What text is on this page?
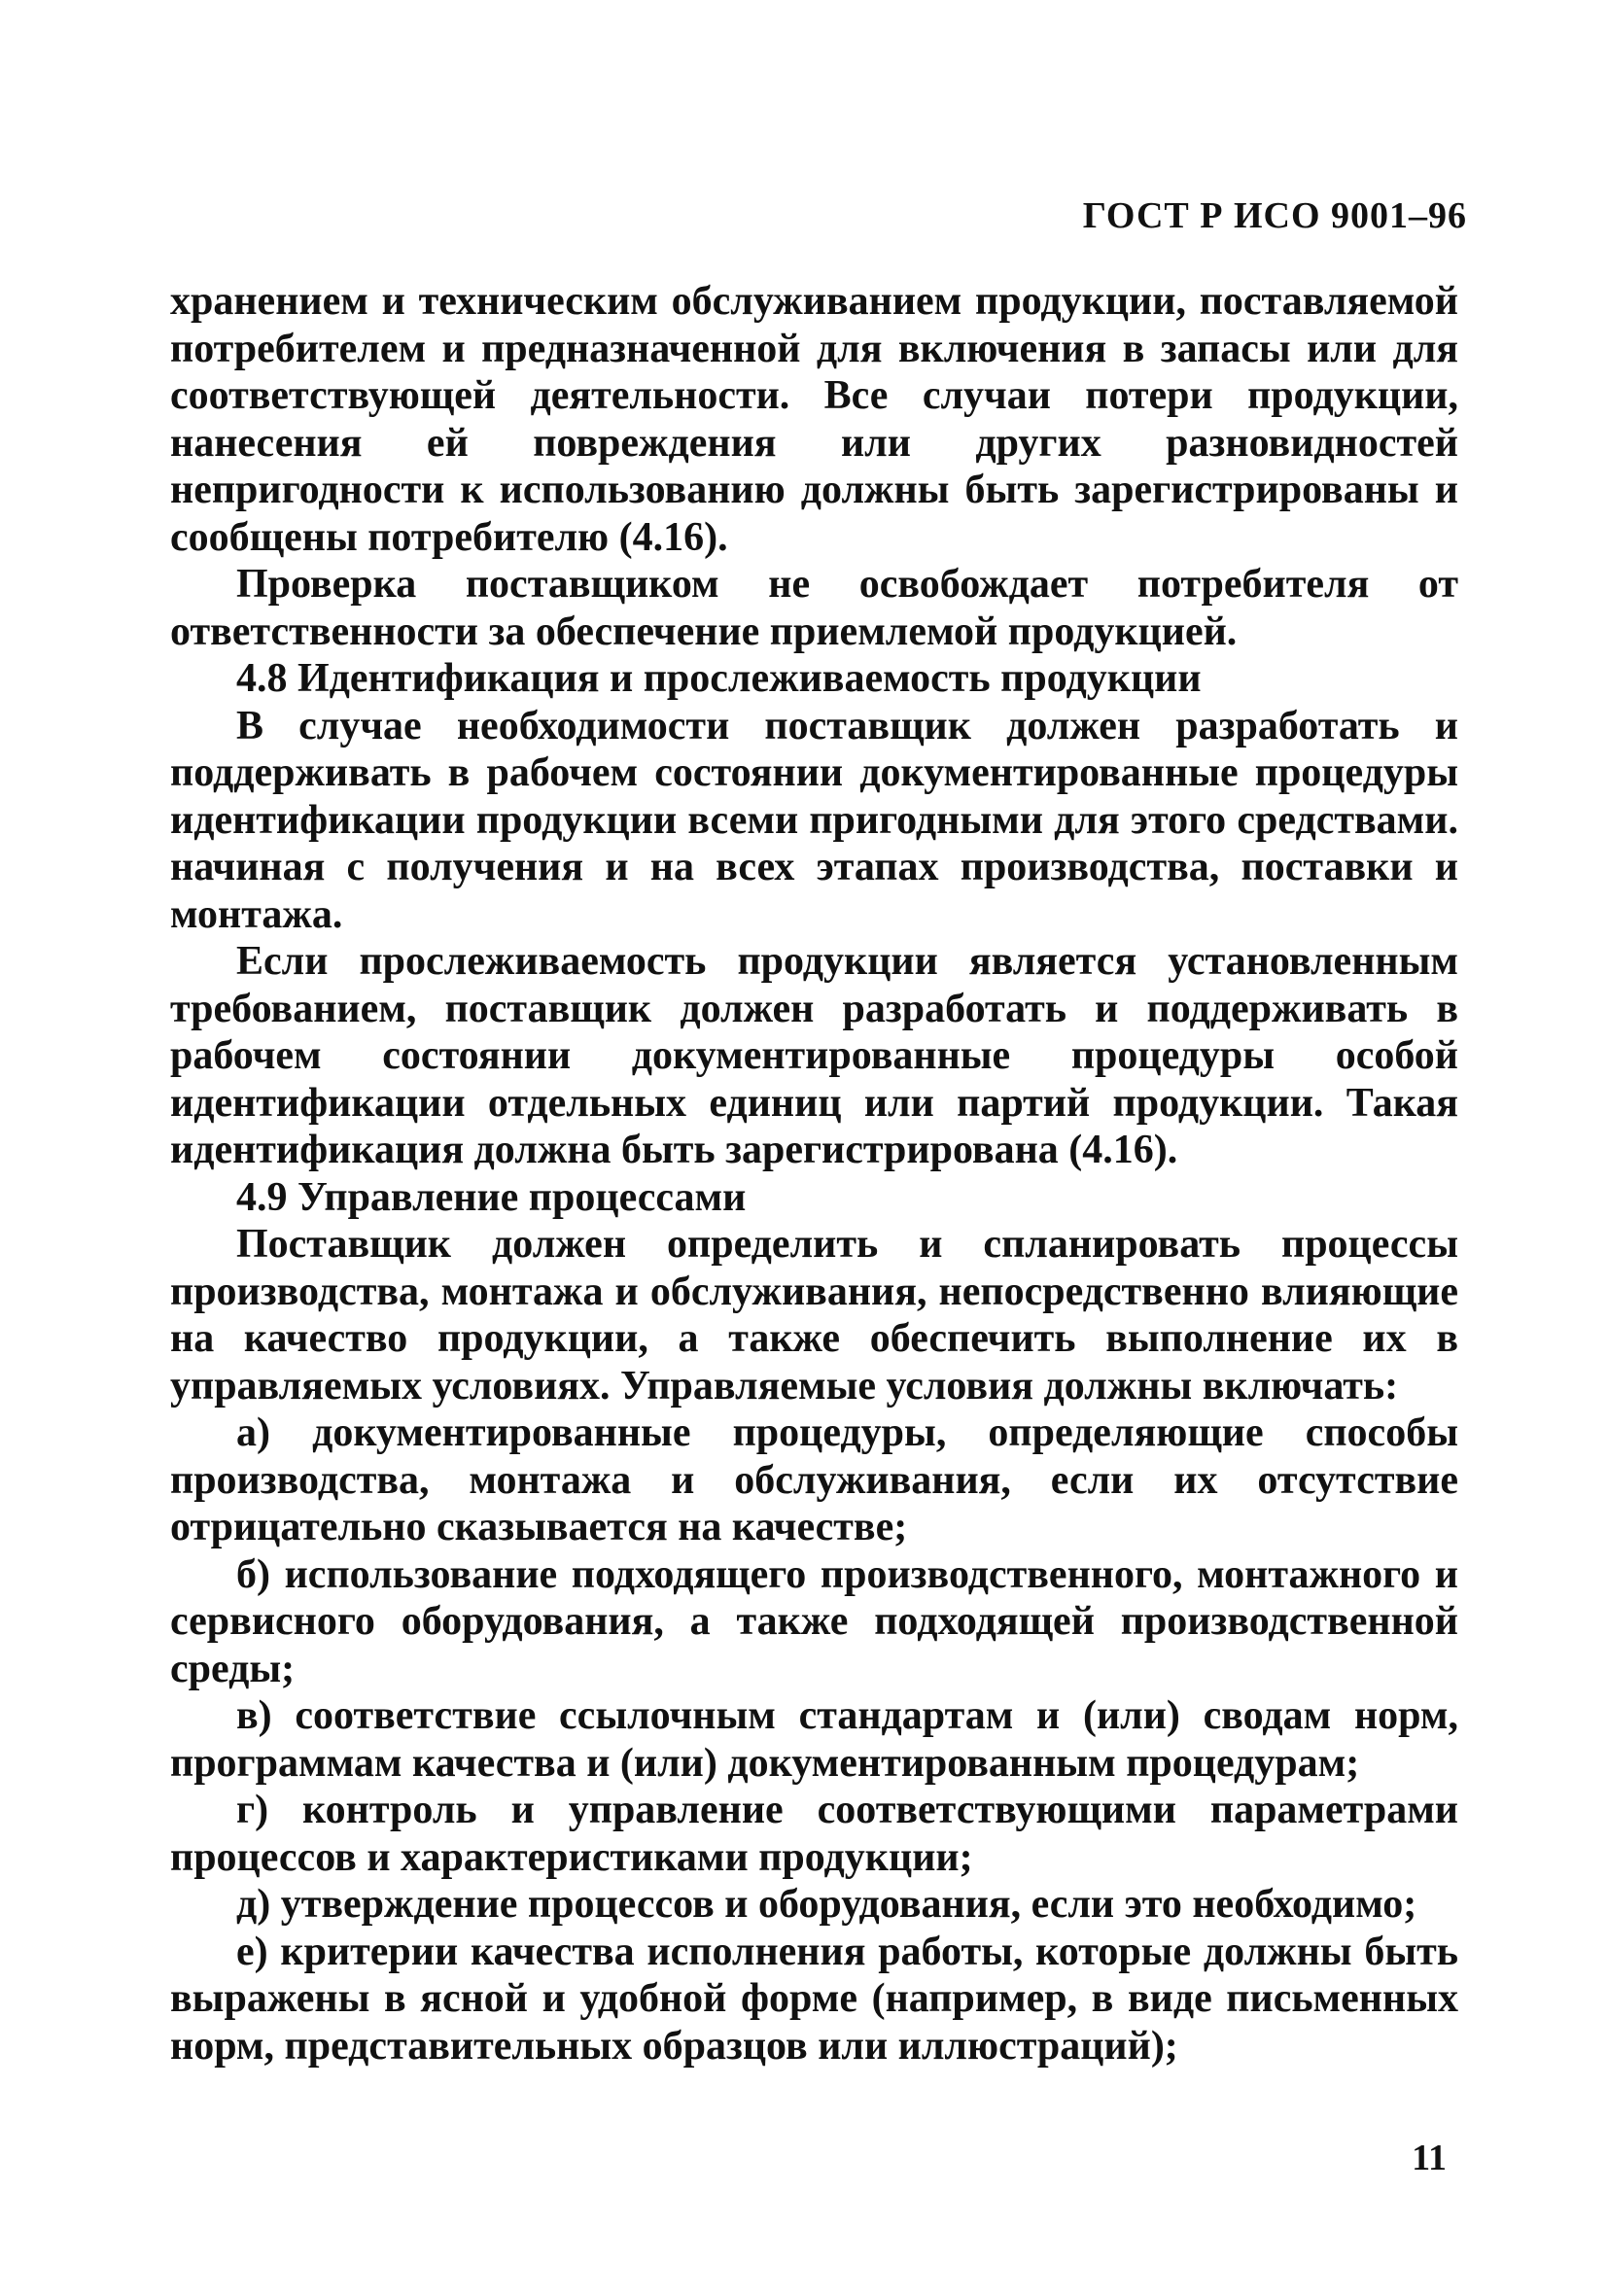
ГОСТ Р ИСО 9001–96

хранением и техническим обслуживанием продукции, поставляемой потребителем и предназначенной для включения в запасы или для соответствующей деятельности. Все случаи потери продукции, нанесения ей повреждения или других разновидностей непригодности к использованию должны быть зарегистрированы и сообщены потребителю (4.16).

Проверка поставщиком не освобождает потребителя от ответственности за обеспечение приемлемой продукцией.

4.8 Идентификация и прослеживаемость продукции

В случае необходимости поставщик должен разработать и поддерживать в рабочем состоянии документированные процедуры идентификации продукции всеми пригодными для этого средствами. начиная с получения и на всех этапах производства, поставки и монтажа.

Если прослеживаемость продукции является установленным требованием, поставщик должен разработать и поддерживать в рабочем состоянии документированные процедуры особой идентификации отдельных единиц или партий продукции. Такая идентификация должна быть зарегистрирована (4.16).

4.9 Управление процессами

Поставщик должен определить и спланировать процессы производства, монтажа и обслуживания, непосредственно влияющие на качество продукции, а также обеспечить выполнение их в управляемых условиях. Управляемые условия должны включать:

а) документированные процедуры, определяющие способы производства, монтажа и обслуживания, если их отсутствие отрицательно сказывается на качестве;

б) использование подходящего производственного, монтажного и сервисного оборудования, а также подходящей производственной среды;

в) соответствие ссылочным стандартам и (или) сводам норм, программам качества и (или) документированным процедурам;

г) контроль и управление соответствующими параметрами процессов и характеристиками продукции;

д) утверждение процессов и оборудования, если это необходимо;

е) критерии качества исполнения работы, которые должны быть выражены в ясной и удобной форме (например, в виде письменных норм, представительных образцов или иллюстраций);

11
